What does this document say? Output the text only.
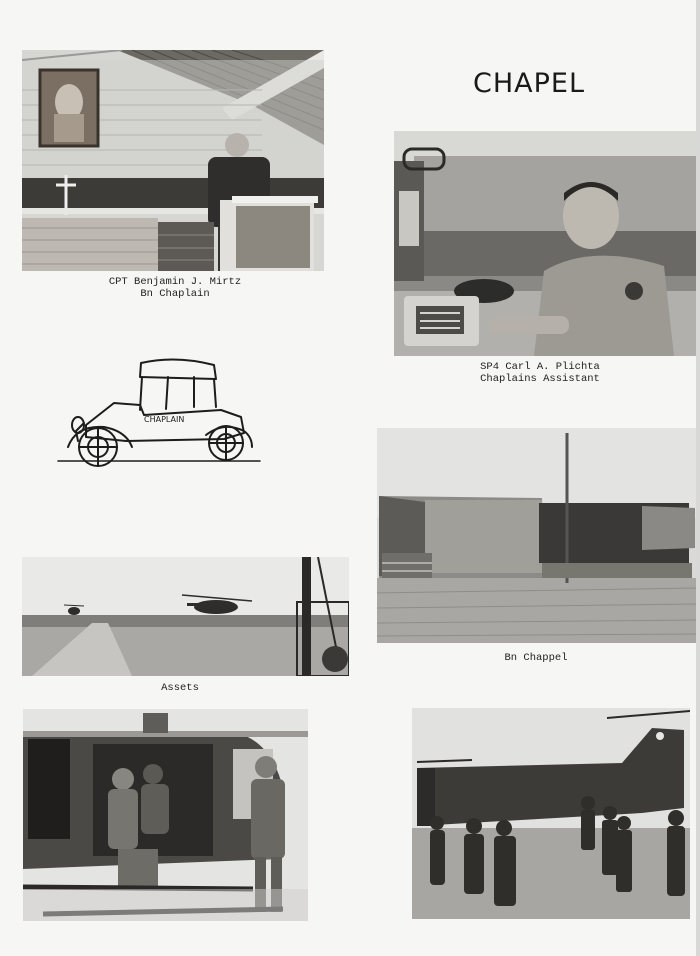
CHAPEL
CPT Benjamin J. Mirtz
Bn Chaplain
SP4 Carl A. Plichta
Chaplains Assistant
CHAPLAIN
Bn Chappel
Assets
